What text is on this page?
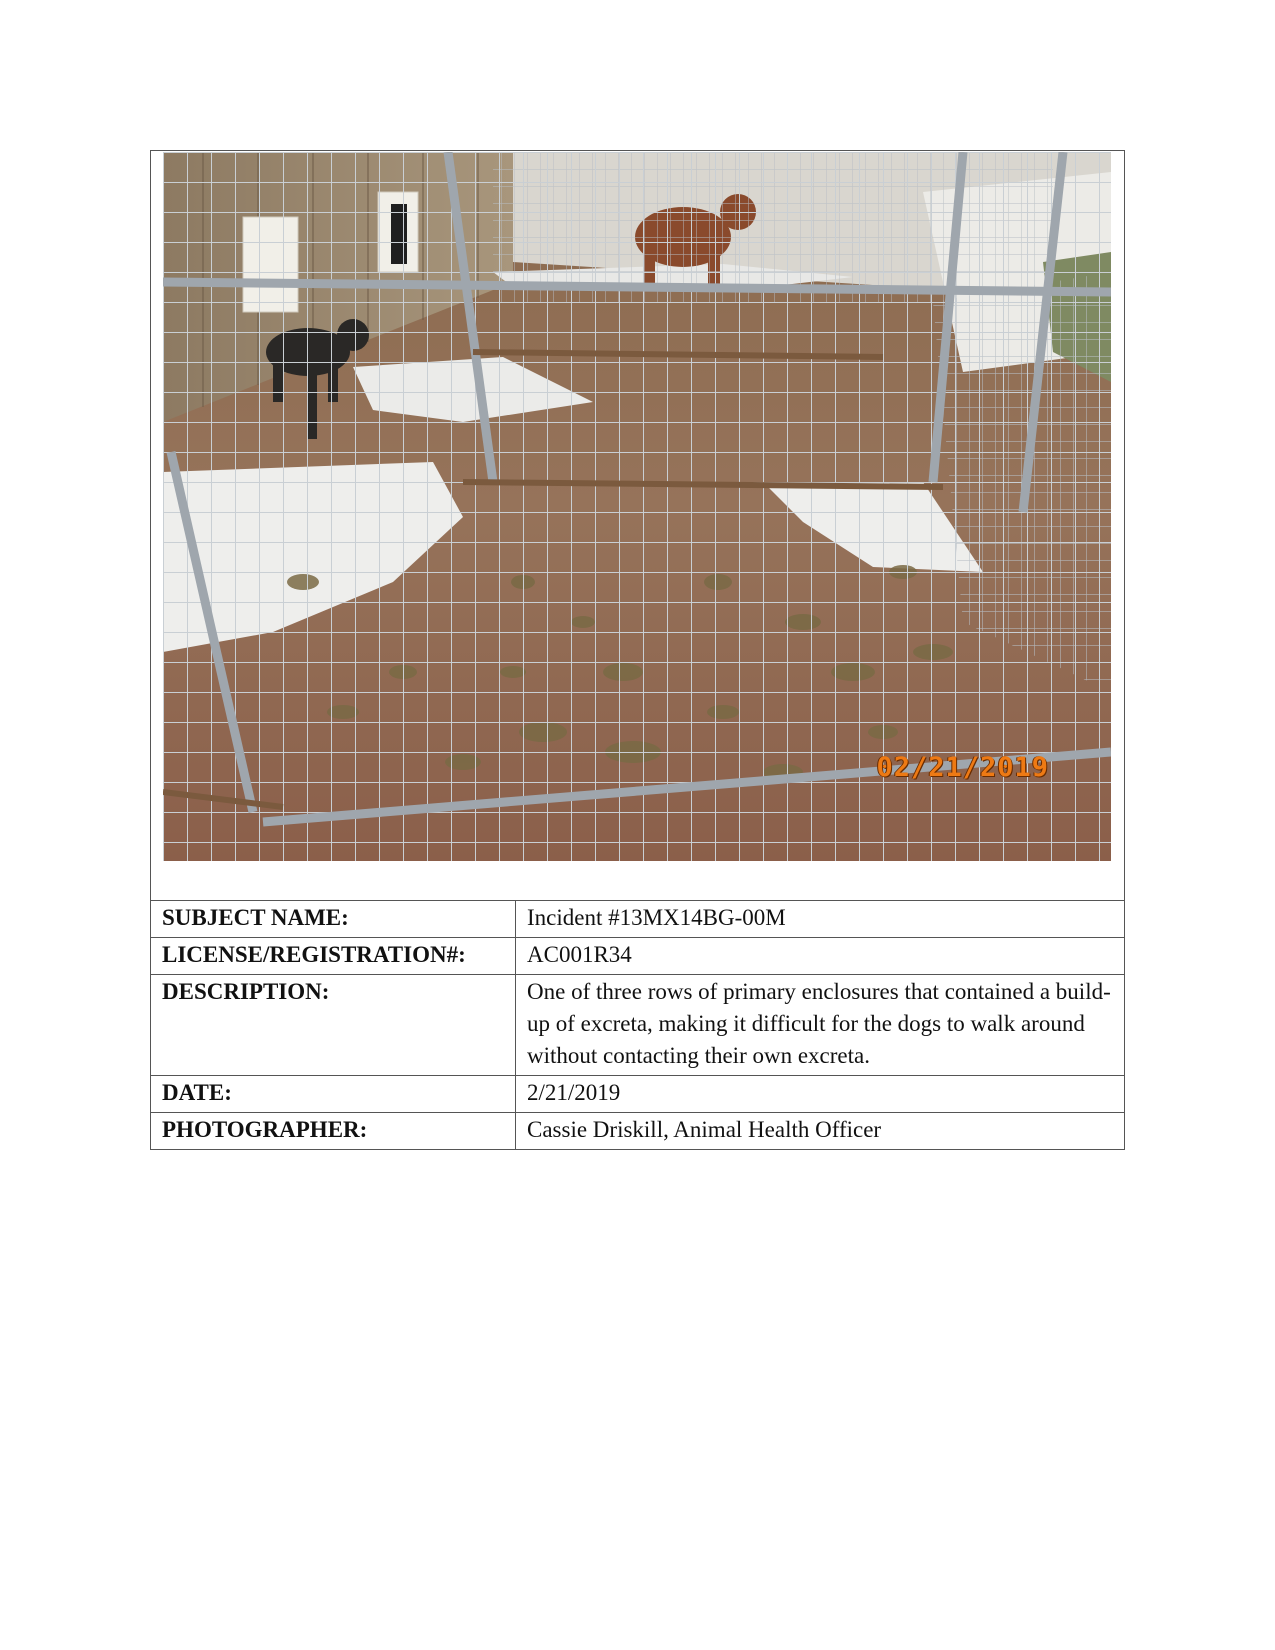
02/21/2019
SUBJECT NAME:	Incident #13MX14BG-00M
LICENSE/REGISTRATION#:	AC001R34
DESCRIPTION:	One of three rows of primary enclosures that contained a build-up of excreta, making it difficult for the dogs to walk around without contacting their own excreta.
DATE:	2/21/2019
PHOTOGRAPHER:	Cassie Driskill, Animal Health Officer
